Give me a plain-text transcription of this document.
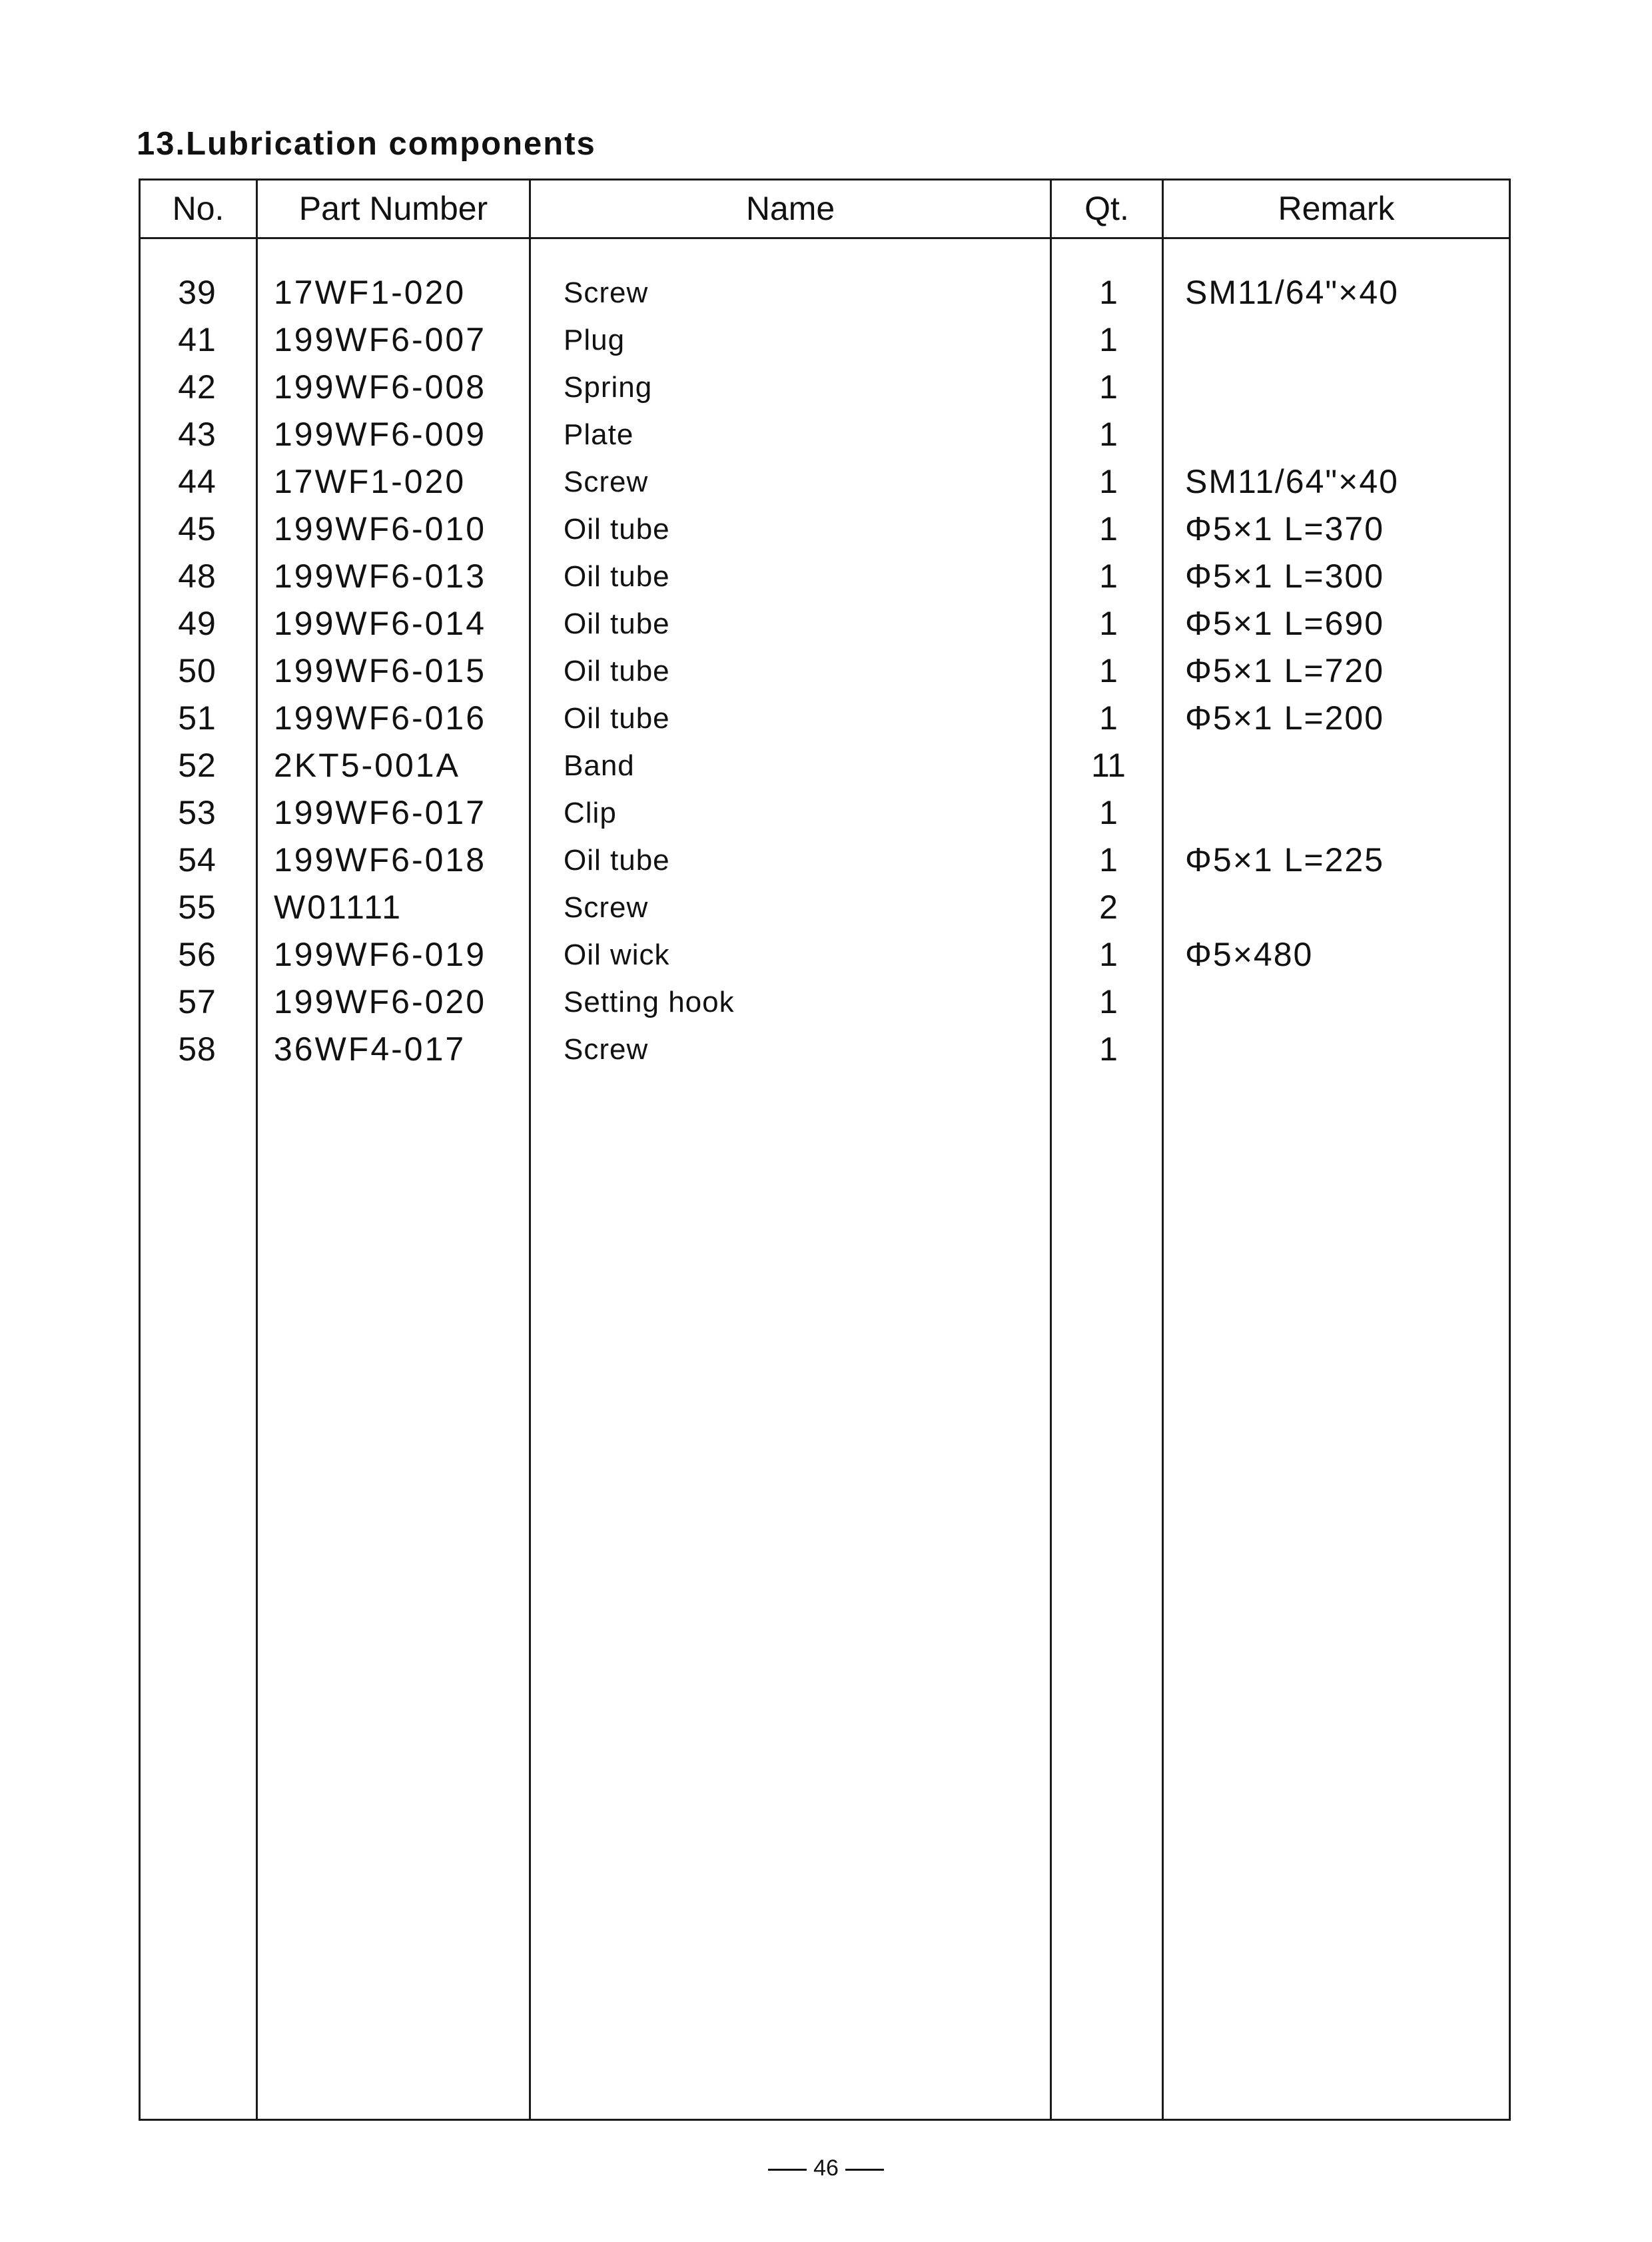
13.Lubrication components
No.	Part Number	Name	Qt.	Remark
39	17WF1-020	Screw	1	SM11/64"×40
41	199WF6-007	Plug	1
42	199WF6-008	Spring	1
43	199WF6-009	Plate	1
44	17WF1-020	Screw	1	SM11/64"×40
45	199WF6-010	Oil tube	1	Φ5×1 L=370
48	199WF6-013	Oil tube	1	Φ5×1 L=300
49	199WF6-014	Oil tube	1	Φ5×1 L=690
50	199WF6-015	Oil tube	1	Φ5×1 L=720
51	199WF6-016	Oil tube	1	Φ5×1 L=200
52	2KT5-001A	Band	11
53	199WF6-017	Clip	1
54	199WF6-018	Oil tube	1	Φ5×1 L=225
55	W01111	Screw	2
56	199WF6-019	Oil wick	1	Φ5×480
57	199WF6-020	Setting hook	1
58	36WF4-017	Screw	1
46
